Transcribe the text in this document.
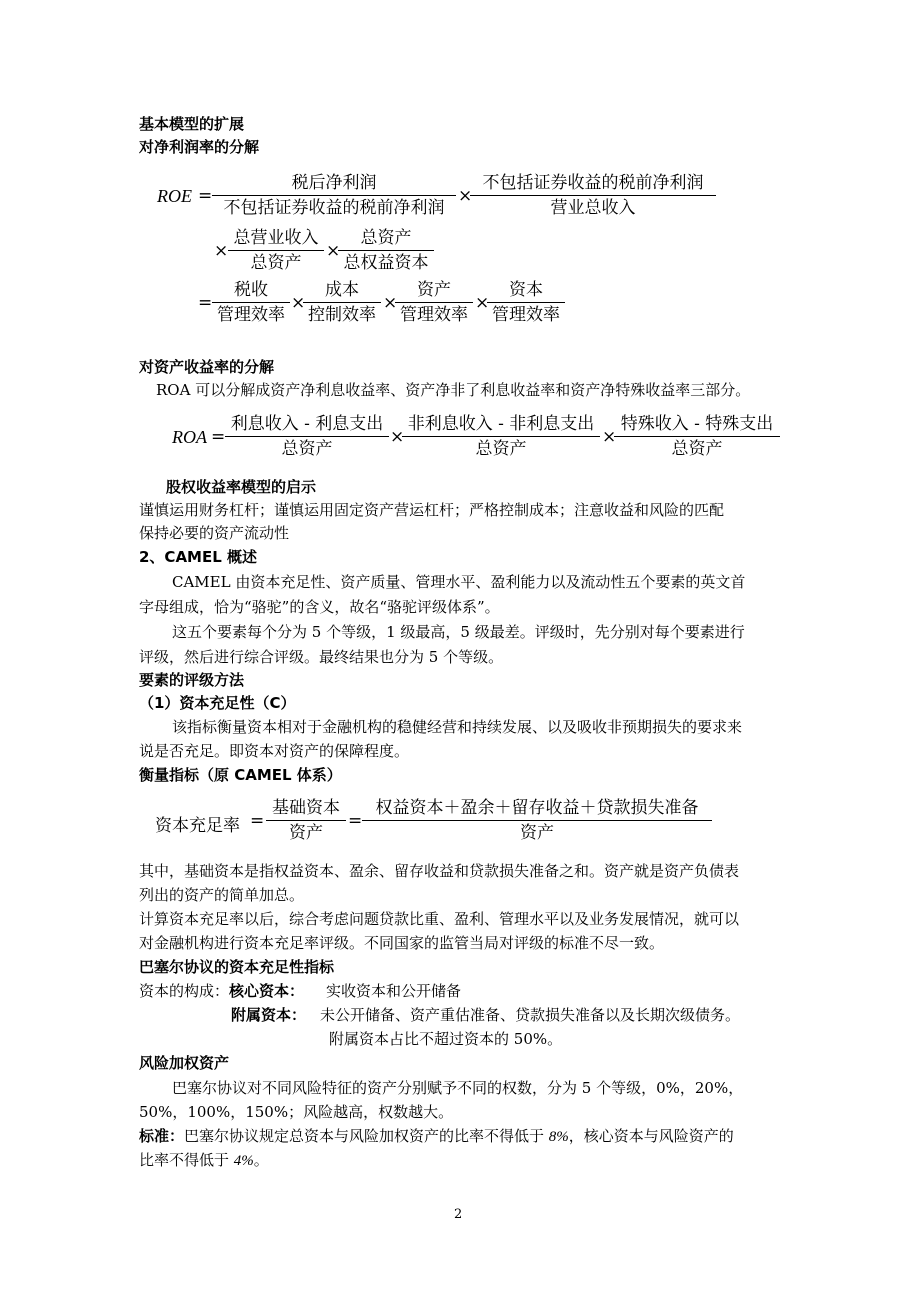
基本模型的扩展
对净利润率的分解
ROE =
税后净利润
不包括证券收益的税前净利润
×
不包括证券收益的税前净利润
营业总收入
×
总营业收入
总资产
×
总资产
总权益资本
=
税收
管理效率
×
成本
控制效率
×
资产
管理效率
×
资本
管理效率
对资产收益率的分解
ROA 可以分解成资产净利息收益率、资产净非了利息收益率和资产净特殊收益率三部分。
ROA =
利息收入 - 利息支出
总资产
×
非利息收入 - 非利息支出
总资产
×
特殊收入 - 特殊支出
总资产
股权收益率模型的启示
谨慎运用财务杠杆；谨慎运用固定资产营运杠杆；严格控制成本；注意收益和风险的匹配
保持必要的资产流动性
2、CAMEL 概述
CAMEL 由资本充足性、资产质量、管理水平、盈利能力以及流动性五个要素的英文首
字母组成，恰为“骆驼”的含义，故名“骆驼评级体系”。
这五个要素每个分为 5 个等级，1 级最高，5 级最差。评级时，先分别对每个要素进行
评级，然后进行综合评级。最终结果也分为 5 个等级。
要素的评级方法
（1）资本充足性（C）
该指标衡量资本相对于金融机构的稳健经营和持续发展、以及吸收非预期损失的要求来
说是否充足。即资本对资产的保障程度。
衡量指标（原 CAMEL 体系）
资本充足率 =
基础资本
资产
=
权益资本＋盈余＋留存收益＋贷款损失准备
资产
其中，基础资本是指权益资本、盈余、留存收益和贷款损失准备之和。资产就是资产负债表
列出的资产的简单加总。
计算资本充足率以后，综合考虑问题贷款比重、盈利、管理水平以及业务发展情况，就可以
对金融机构进行资本充足率评级。不同国家的监管当局对评级的标准不尽一致。
巴塞尔协议的资本充足性指标
资本的构成：核心资本： 实收资本和公开储备
附属资本： 未公开储备、资产重估准备、贷款损失准备以及长期次级债务。
附属资本占比不超过资本的 50%。
风险加权资产
巴塞尔协议对不同风险特征的资产分别赋予不同的权数，分为 5 个等级，0%，20%，
50%，100%，150%；风险越高，权数越大。
标准：巴塞尔协议规定总资本与风险加权资产的比率不得低于 8%，核心资本与风险资产的
比率不得低于 4%。
2
